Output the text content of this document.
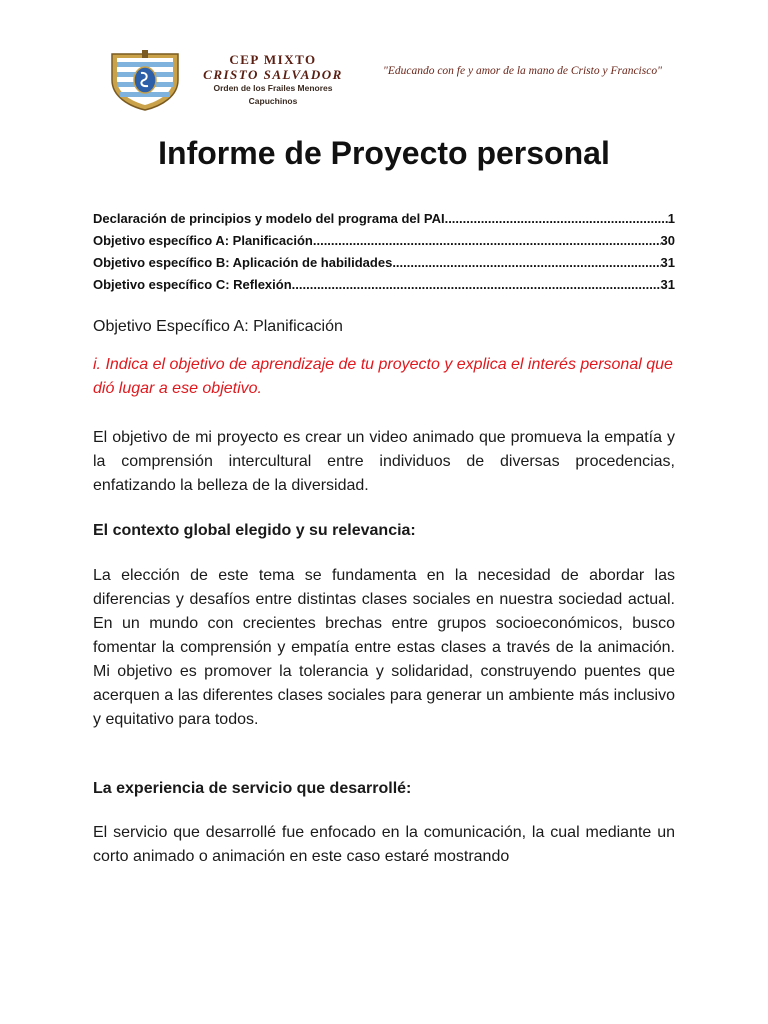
CEP MIXTO
CRISTO SALVADOR
Orden de los Frailes Menores Capuchinos
"Educando con fe y amor de la mano de Cristo y Francisco"
Informe de Proyecto personal
Declaración de principios y modelo del programa del PAI .....	1
Objetivo específico A: Planificación .....	30
Objetivo específico B: Aplicación de habilidades .....	31
Objetivo específico C: Reflexión .....	31

Objetivo Específico A: Planificación

i. Indica el objetivo de aprendizaje de tu proyecto y explica el interés personal que dió lugar a ese objetivo.

El objetivo de mi proyecto es crear un video animado que promueva la empatía y la comprensión intercultural entre individuos de diversas procedencias, enfatizando la belleza de la diversidad.

El contexto global elegido y su relevancia:

La elección de este tema se fundamenta en la necesidad de abordar las diferencias y desafíos entre distintas clases sociales en nuestra sociedad actual. En un mundo con crecientes brechas entre grupos socioeconómicos, busco fomentar la comprensión y empatía entre estas clases a través de la animación. Mi objetivo es promover la tolerancia y solidaridad, construyendo puentes que acerquen a las diferentes clases sociales para generar un ambiente más inclusivo y equitativo para todos.

La experiencia de servicio que desarrollé:

El servicio que desarrollé fue enfocado en la comunicación, la cual mediante un corto animado o animación en este caso estaré mostrando
